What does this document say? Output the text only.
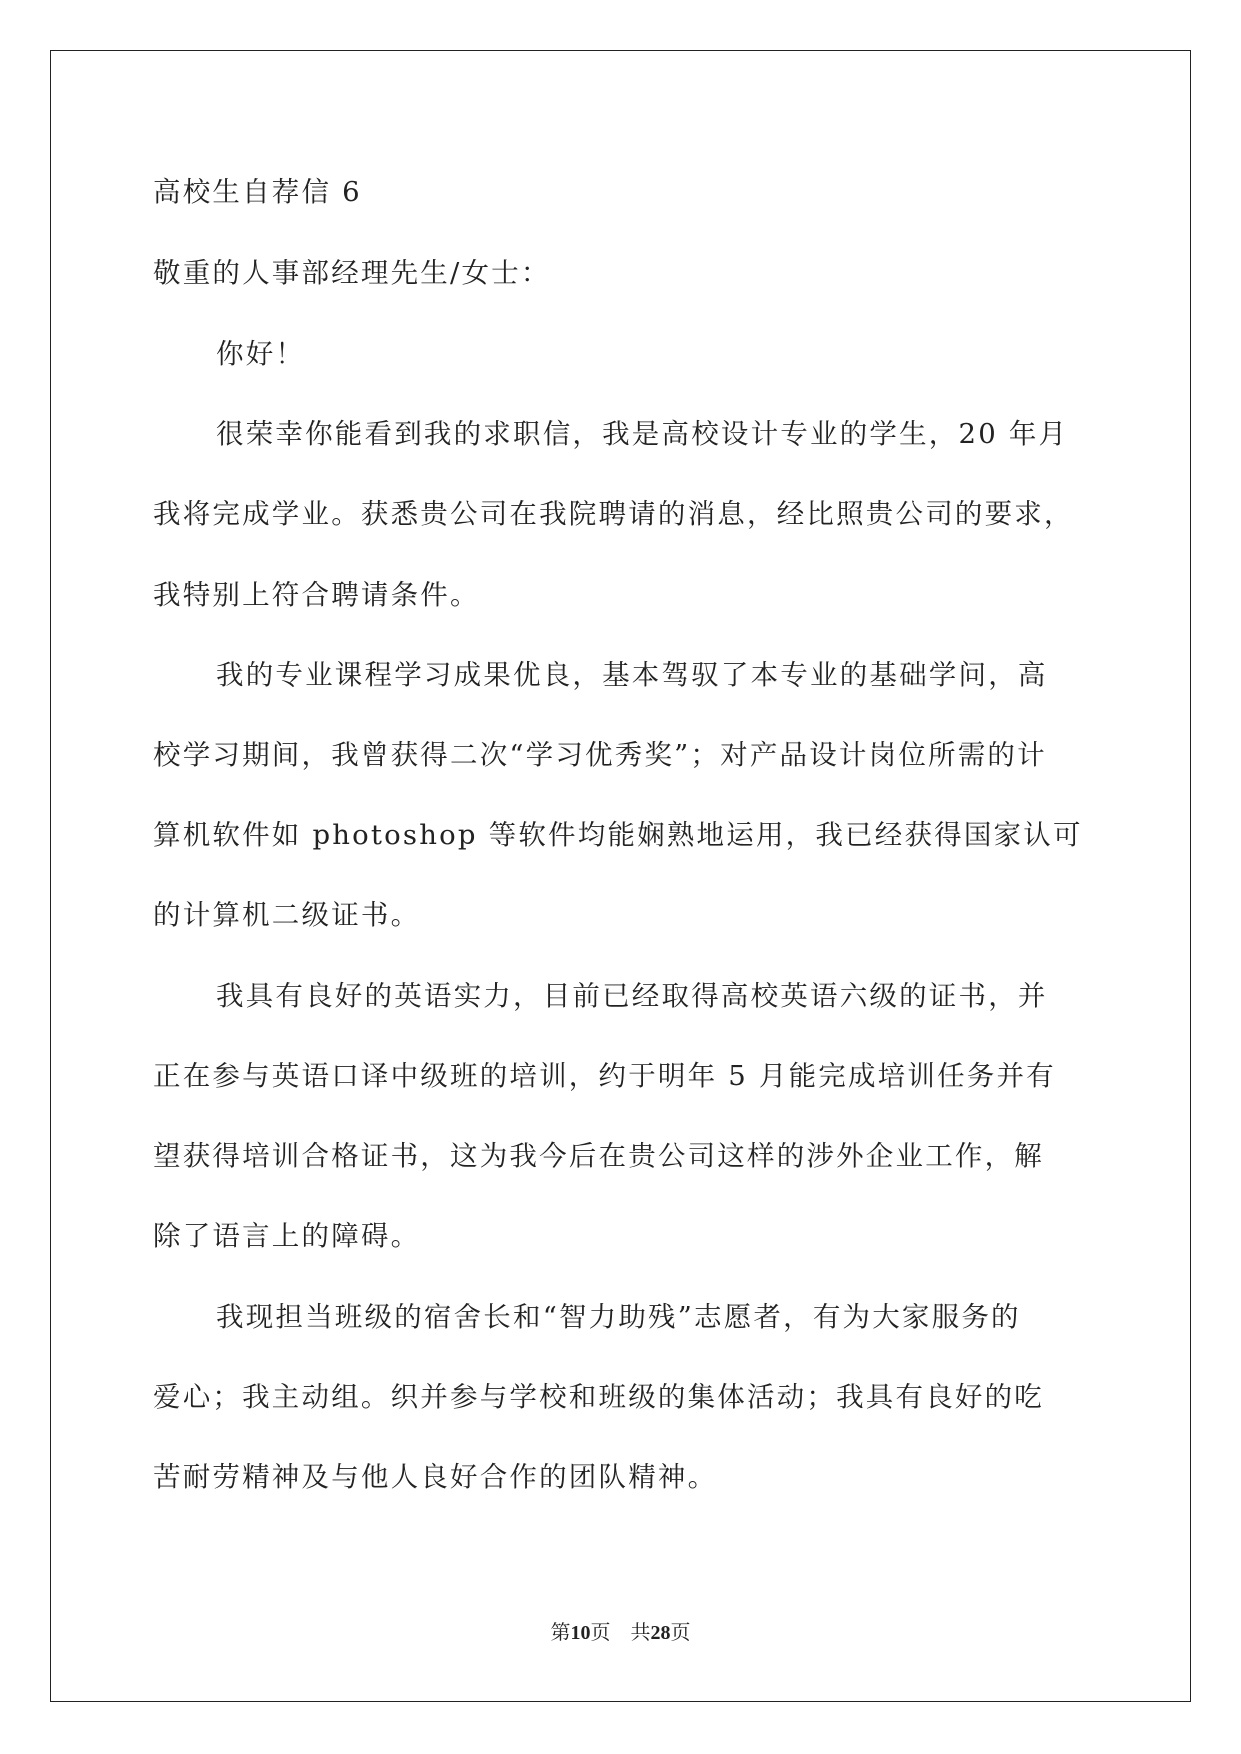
高校生自荐信 6

敬重的人事部经理先生/女士：

你好！

很荣幸你能看到我的求职信，我是高校设计专业的学生，20 年月

我将完成学业。获悉贵公司在我院聘请的消息，经比照贵公司的要求，

我特别上符合聘请条件。

我的专业课程学习成果优良，基本驾驭了本专业的基础学问，高

校学习期间，我曾获得二次“学习优秀奖”；对产品设计岗位所需的计

算机软件如 photoshop 等软件均能娴熟地运用，我已经获得国家认可

的计算机二级证书。

我具有良好的英语实力，目前已经取得高校英语六级的证书，并

正在参与英语口译中级班的培训，约于明年 5 月能完成培训任务并有

望获得培训合格证书，这为我今后在贵公司这样的涉外企业工作，解

除了语言上的障碍。

我现担当班级的宿舍长和“智力助残”志愿者，有为大家服务的

爱心；我主动组。织并参与学校和班级的集体活动；我具有良好的吃

苦耐劳精神及与他人良好合作的团队精神。

第10页　共28页
